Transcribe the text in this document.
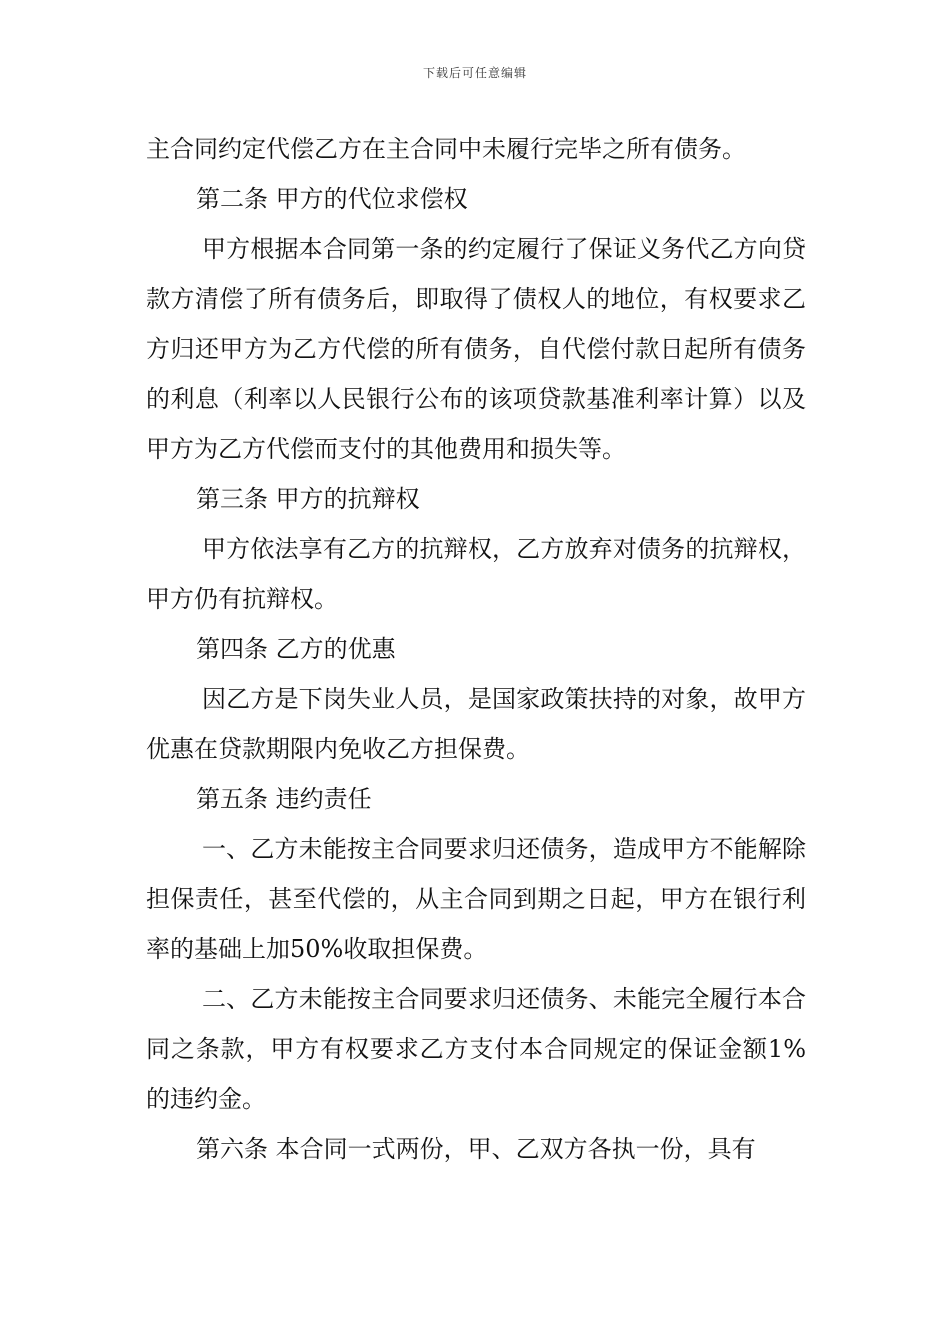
下载后可任意编辑

主合同约定代偿乙方在主合同中未履行完毕之所有债务。

第二条 甲方的代位求偿权

甲方根据本合同第一条的约定履行了保证义务代乙方向贷款方清偿了所有债务后，即取得了债权人的地位，有权要求乙方归还甲方为乙方代偿的所有债务，自代偿付款日起所有债务的利息（利率以人民银行公布的该项贷款基准利率计算）以及甲方为乙方代偿而支付的其他费用和损失等。

第三条 甲方的抗辩权

甲方依法享有乙方的抗辩权，乙方放弃对债务的抗辩权，甲方仍有抗辩权。

第四条 乙方的优惠

因乙方是下岗失业人员，是国家政策扶持的对象，故甲方优惠在贷款期限内免收乙方担保费。

第五条 违约责任

一、乙方未能按主合同要求归还债务，造成甲方不能解除担保责任，甚至代偿的，从主合同到期之日起，甲方在银行利率的基础上加50%收取担保费。

二、乙方未能按主合同要求归还债务、未能完全履行本合同之条款，甲方有权要求乙方支付本合同规定的保证金额1%的违约金。

第六条 本合同一式两份，甲、乙双方各执一份，具有
